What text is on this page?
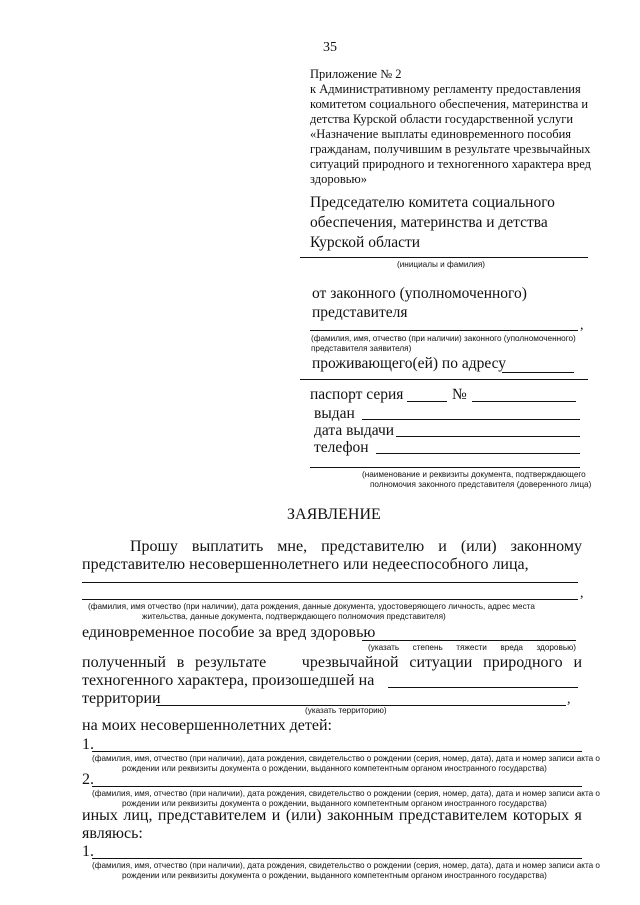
35
Приложение № 2
к Административному регламенту предоставления
комитетом социального обеспечения, материнства и
детства Курской области государственной услуги
«Назначение выплаты единовременного пособия
гражданам, получившим в результате чрезвычайных
ситуаций природного и техногенного характера вред
здоровью»
Председателю комитета социального
обеспечения, материнства и детства
Курской области
(инициалы и фамилия)
от законного (уполномоченного)
представителя
,
(фамилия, имя, отчество (при наличии) законного (уполномоченного)
представителя заявителя)
проживающего(ей) по адресу
паспорт серия	№
выдан
дата выдачи
телефон
(наименование и реквизиты документа, подтверждающего
полномочия законного представителя (доверенного лица)
ЗАЯВЛЕНИЕ
Прошу выплатить мне, представителю и (или) законному
представителю несовершеннолетнего или недееспособного лица,
,
(фамилия, имя отчество (при наличии), дата рождения, данные документа, удостоверяющего личность, адрес места
жительства, данные документа, подтверждающего полномочия представителя)
единовременное пособие за вред здоровью
(указать степень тяжести вреда здоровью)
полученный в результате чрезвычайной ситуации природного и
техногенного характера, произошедшей на
территории	,
(указать территорию)
на моих несовершеннолетних детей:
1.
(фамилия, имя, отчество (при наличии), дата рождения, свидетельство о рождении (серия, номер, дата), дата и номер записи акта о
рождении или реквизиты документа о рождении, выданного компетентным органом иностранного государства)
2.
(фамилия, имя, отчество (при наличии), дата рождения, свидетельство о рождении (серия, номер, дата), дата и номер записи акта о
рождении или реквизиты документа о рождении, выданного компетентным органом иностранного государства)
иных лиц, представителем и (или) законным представителем которых я
являюсь:
1.
(фамилия, имя, отчество (при наличии), дата рождения, свидетельство о рождении (серия, номер, дата), дата и номер записи акта о
рождении или реквизиты документа о рождении, выданного компетентным органом иностранного государства)
